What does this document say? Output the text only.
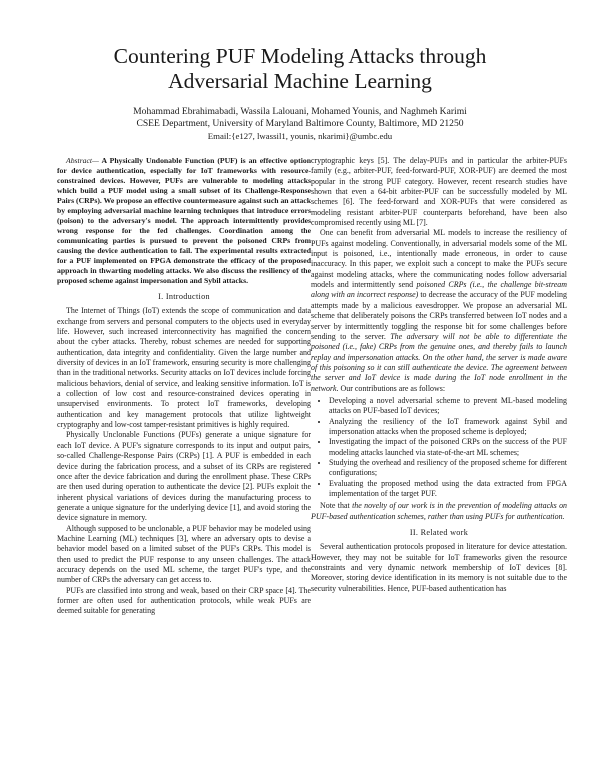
Countering PUF Modeling Attacks through
Adversarial Machine Learning
Mohammad Ebrahimabadi, Wassila Lalouani, Mohamed Younis, and Naghmeh Karimi
CSEE Department, University of Maryland Baltimore County, Baltimore, MD 21250
Email:{e127, lwassil1, younis, nkarimi}@umbc.edu

Abstract— A Physically Undonable Function (PUF) is an effective option for device authentication, especially for IoT frameworks with resource-constrained devices. However, PUFs are vulnerable to modeling attacks which build a PUF model using a small subset of its Challenge-Response Pairs (CRPs). We propose an effective countermeasure against such an attack by employing adversarial machine learning techniques that introduce errors (poison) to the adversary's model. The approach intermittently provides wrong response for the fed challenges. Coordination among the communicating parties is pursued to prevent the poisoned CRPs from causing the device authentication to fail. The experimental results extracted for a PUF implemented on FPGA demonstrate the efficacy of the proposed approach in thwarting modeling attacks. We also discuss the resiliency of the proposed scheme against impersonation and Sybil attacks.

I. Introduction

The Internet of Things (IoT) extends the scope of communication and data exchange from servers and personal computers to the objects used in everyday life. However, such increased interconnectivity has magnified the concern about the cyber attacks. Thereby, robust schemes are needed for supporting authentication, data integrity and confidentiality. Given the large number and diversity of devices in an IoT framework, ensuring security is more challenging than in the traditional networks. Security attacks on IoT devices include forcing malicious behaviors, denial of service, and leaking sensitive information. IoT is a collection of low cost and resource-constrained devices operating in unsupervised environments. To protect IoT frameworks, developing authentication and key management protocols that utilize lightweight cryptography and low-cost tamper-resistant primitives is highly required.

Physically Unclonable Functions (PUFs) generate a unique signature for each IoT device. A PUF's signature corresponds to its input and output pairs, so-called Challenge-Response Pairs (CRPs) [1]. A PUF is embedded in each device during the fabrication process, and a subset of its CRPs are registered once after the device fabrication and during the enrollment phase. These CRPs are then used during operation to authenticate the device [2]. PUFs exploit the inherent physical variations of devices during the manufacturing process to generate a unique signature for the underlying device [1], and avoid storing the device signature in memory.

Although supposed to be unclonable, a PUF behavior may be modeled using Machine Learning (ML) techniques [3], where an adversary opts to devise a behavior model based on a limited subset of the PUF's CRPs. This model is then used to predict the PUF response to any unseen challenges. The attack accuracy depends on the used ML scheme, the target PUF's type, and the number of CRPs the adversary can get access to.

PUFs are classified into strong and weak, based on their CRP space [4]. The former are often used for authentication protocols, while weak PUFs are deemed suitable for generating

cryptographic keys [5]. The delay-PUFs and in particular the arbiter-PUFs family (e.g., arbiter-PUF, feed-forward-PUF, XOR-PUF) are deemed the most popular in the strong PUF category. However, recent research studies have shown that even a 64-bit arbiter-PUF can be successfully modeled by ML schemes [6]. The feed-forward and XOR-PUFs that were considered as modeling resistant arbiter-PUF counterparts beforehand, have been also compromised recently using ML [7].

One can benefit from adversarial ML models to increase the resiliency of PUFs against modeling. Conventionally, in adversarial models some of the ML input is poisoned, i.e., intentionally made erroneous, in order to cause inaccuracy. In this paper, we exploit such a concept to make the PUFs secure against modeling attacks, where the communicating nodes follow adversarial models and intermittently send poisoned CRPs (i.e., the challenge bit-stream along with an incorrect response) to decrease the accuracy of the PUF modeling attempts made by a malicious eavesdropper. We propose an adversarial ML scheme that deliberately poisons the CRPs transferred between IoT nodes and a server by intermittently toggling the response bit for some challenges before sending to the server. The adversary will not be able to differentiate the poisoned (i.e., fake) CRPs from the genuine ones, and thereby fails to launch replay and impersonation attacks. On the other hand, the server is made aware of this poisoning so it can still authenticate the device. The agreement between the server and IoT device is made during the IoT node enrollment in the network. Our contributions are as follows:

• Developing a novel adversarial scheme to prevent ML-based modeling attacks on PUF-based IoT devices;
• Analyzing the resiliency of the IoT framework against Sybil and impersonation attacks when the proposed scheme is deployed;
• Investigating the impact of the poisoned CRPs on the success of the PUF modeling attacks launched via state-of-the-art ML schemes;
• Studying the overhead and resiliency of the proposed scheme for different configurations;
• Evaluating the proposed method using the data extracted from FPGA implementation of the target PUF.

Note that the novelty of our work is in the prevention of modeling attacks on PUF-based authentication schemes, rather than using PUFs for authentication.

II. Related work

Several authentication protocols proposed in literature for device attestation. However, they may not be suitable for IoT frameworks given the resource constraints and very dynamic network membership of IoT devices [8]. Moreover, storing device identification in its memory is not suitable due to the security vulnerabilities. Hence, PUF-based authentication has
